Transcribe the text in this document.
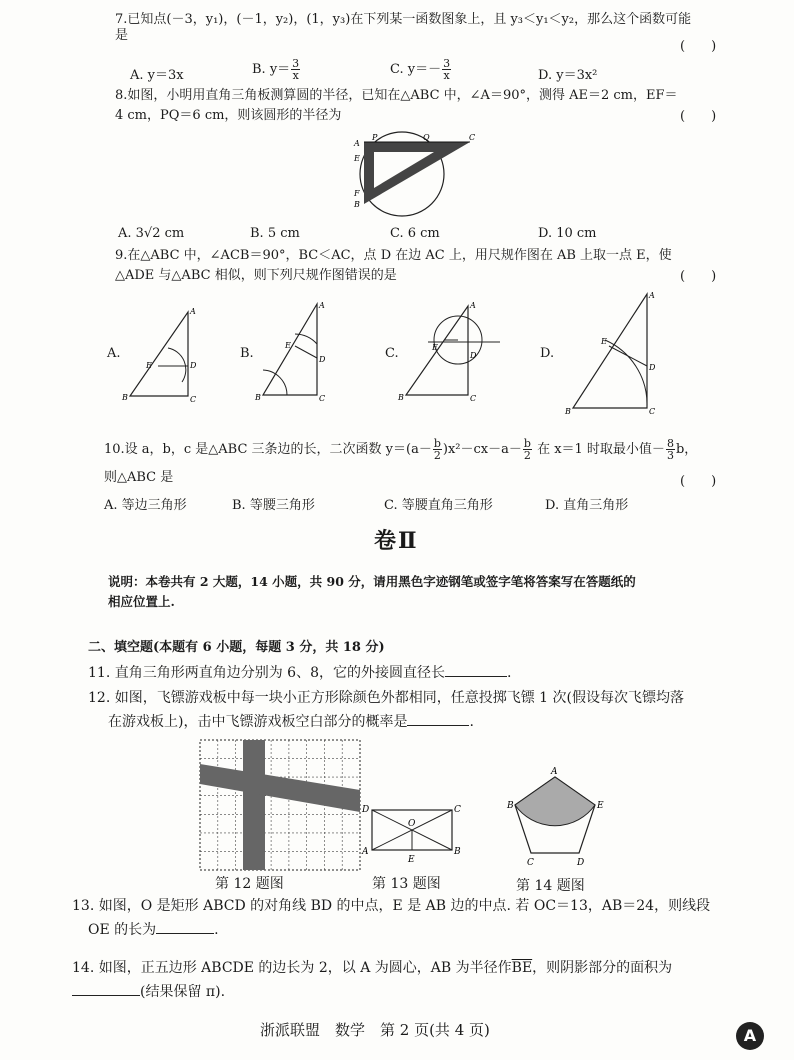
7.已知点(－3，y₁)，(－1，y₂)，(1，y₃)在下列某一函数图象上，且 y₃＜y₁＜y₂，那么这个函数可能
是
(　　)
A. y＝3x	B. $y= \frac{3}{x}$	C. $y=- \frac{3}{x}$	D. y＝3x²
8.如图，小明用直角三角板测算圆的半径，已知在△ABC 中，∠A＝90°，测得 AE＝2 cm，EF＝
4 cm，PQ＝6 cm，则该圆形的半径为	(　　)
P	Q
A
E
F
B
C
A. 3√2 cm	B. 5 cm	C. 6 cm	D. 10 cm
9.在△ABC 中，∠ACB＝90°，BC＜AC，点 D 在边 AC 上，用尺规作图在 AB 上取一点 E，使
△ADE 与△ABC 相似，则下列尺规作图错误的是	(　　)
A.
A
B	C
D
E
B.
A
B	C
D
E
C.
A
B	C
D
E	D.
A
B	C
D
E
10.设 a，b，c 是△ABC 三条边的长，二次函数 $y=(a- \frac{b}{2} )x^2-cx-a- \frac{b}{2}$ 在 x＝1 时取最小值－ $\frac{8}{3}$ b，
则△ABC 是	(　　)
A. 等边三角形	B. 等腰三角形	C. 等腰直角三角形	D. 直角三角形
卷Ⅱ
说明：本卷共有 2 大题，14 小题，共 90 分，请用黑色字迹钢笔或签字笔将答案写在答题纸的
相应位置上.
二、填空题(本题有 6 小题，每题 3 分，共 18 分)
11. 直角三角形两直角边分别为 6、8，它的外接圆直径长	.
12. 如图，飞镖游戏板中每一块小正方形除颜色外都相同，任意投掷飞镖 1 次(假设每次飞镖均落
在游戏板上)，击中飞镖游戏板空白部分的概率是	.
第 12 题图
D	C
O
A
E
B
第 13 题图
A
B	E
C	D
第 14 题图
13. 如图，O 是矩形 ABCD 的对角线 BD 的中点，E 是 AB 边的中点. 若 OC＝13，AB＝24，则线段
OE 的长为	.
14. 如图，正五边形 ABCDE 的边长为 2，以 A 为圆心，AB 为半径作$\overline{BE}$，则阴影部分的面积为
(结果保留 π).
浙派联盟　数学　第 2 页(共 4 页)	A
